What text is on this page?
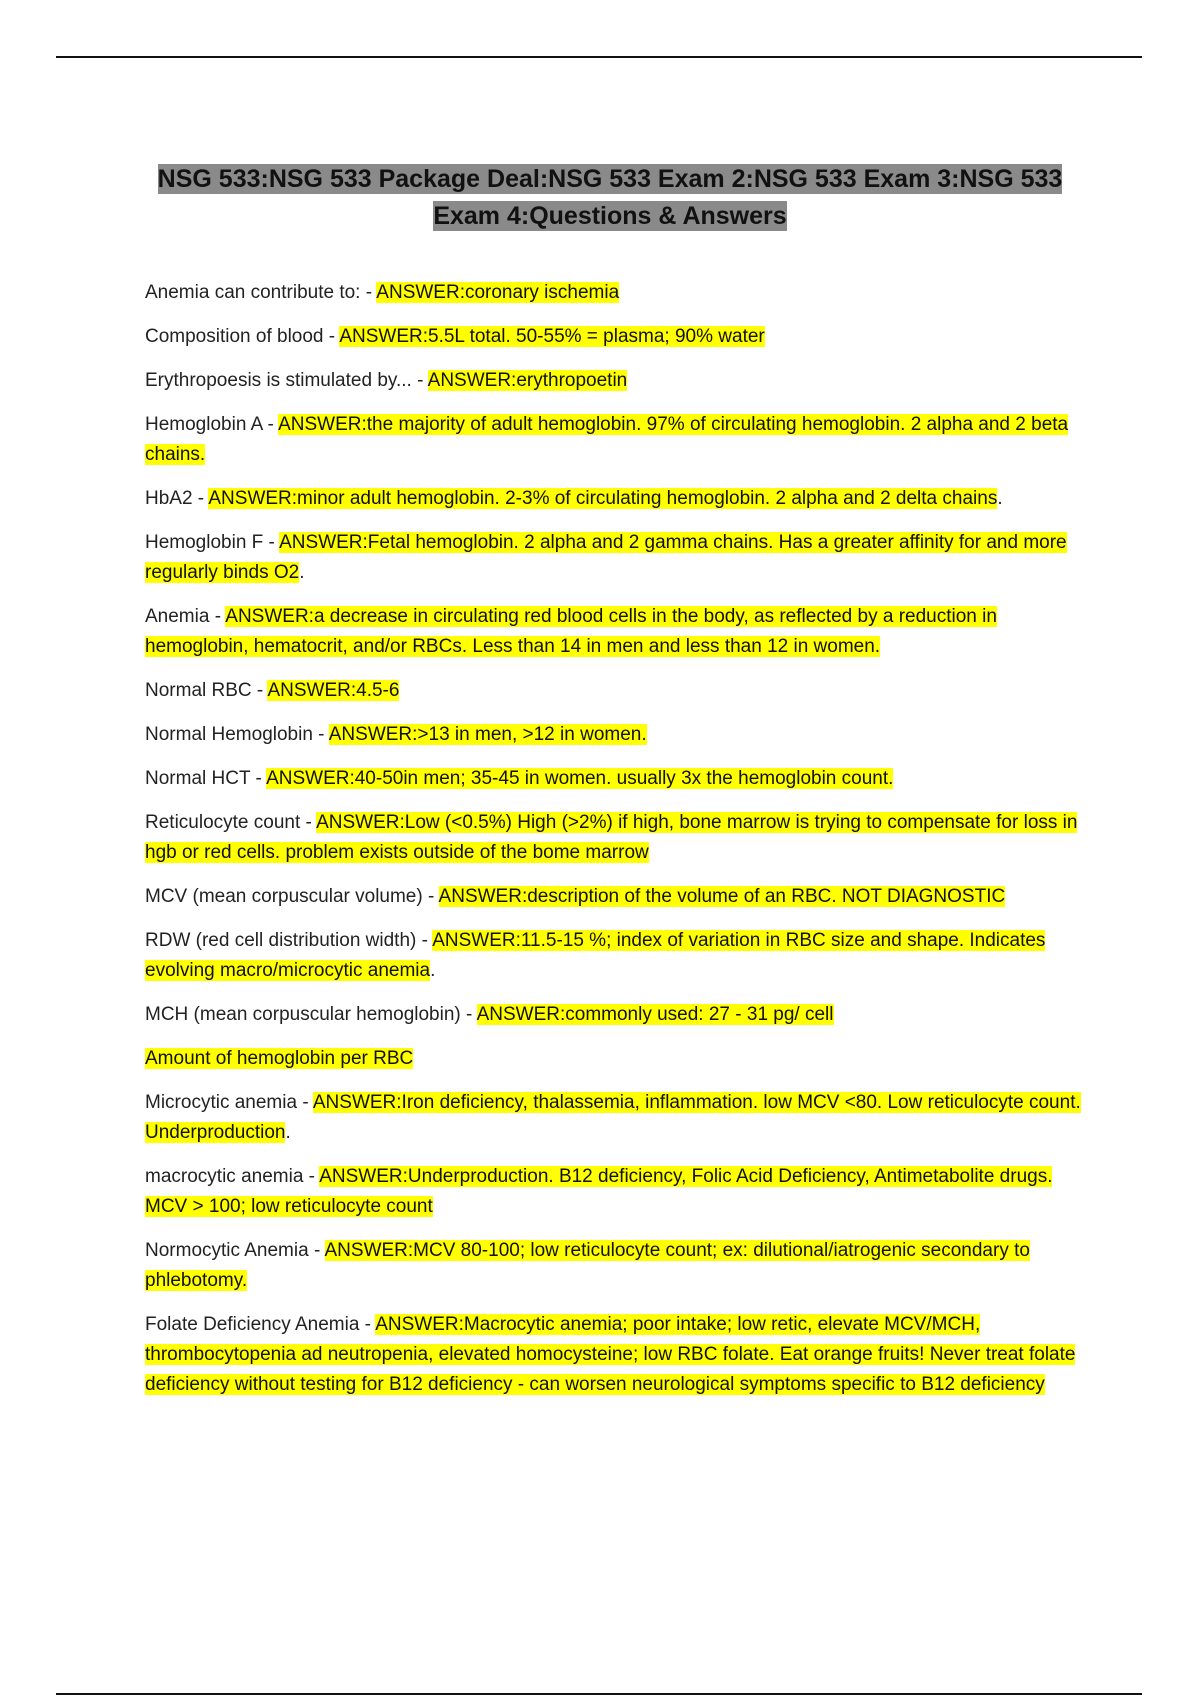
NSG 533:NSG 533 Package Deal:NSG 533 Exam 2:NSG 533 Exam 3:NSG 533 Exam 4:Questions & Answers
Anemia can contribute to: - ANSWER:coronary ischemia
Composition of blood - ANSWER:5.5L total. 50-55% = plasma; 90% water
Erythropoesis is stimulated by... - ANSWER:erythropoetin
Hemoglobin A - ANSWER:the majority of adult hemoglobin. 97% of circulating hemoglobin. 2 alpha and 2 beta chains.
HbA2 - ANSWER:minor adult hemoglobin. 2-3% of circulating hemoglobin. 2 alpha and 2 delta chains.
Hemoglobin F - ANSWER:Fetal hemoglobin. 2 alpha and 2 gamma chains. Has a greater affinity for and more regularly binds O2.
Anemia - ANSWER:a decrease in circulating red blood cells in the body, as reflected by a reduction in hemoglobin, hematocrit, and/or RBCs. Less than 14 in men and less than 12 in women.
Normal RBC - ANSWER:4.5-6
Normal Hemoglobin - ANSWER:>13 in men, >12 in women.
Normal HCT - ANSWER:40-50in men; 35-45 in women. usually 3x the hemoglobin count.
Reticulocyte count - ANSWER:Low (<0.5%) High (>2%) if high, bone marrow is trying to compensate for loss in hgb or red cells. problem exists outside of the bome marrow
MCV (mean corpuscular volume) - ANSWER:description of the volume of an RBC. NOT DIAGNOSTIC
RDW (red cell distribution width) - ANSWER:11.5-15 %; index of variation in RBC size and shape. Indicates evolving macro/microcytic anemia.
MCH (mean corpuscular hemoglobin) - ANSWER:commonly used: 27 - 31 pg/ cell
Amount of hemoglobin per RBC
Microcytic anemia - ANSWER:Iron deficiency, thalassemia, inflammation. low MCV <80. Low reticulocyte count. Underproduction.
macrocytic anemia - ANSWER:Underproduction. B12 deficiency, Folic Acid Deficiency, Antimetabolite drugs. MCV > 100; low reticulocyte count
Normocytic Anemia - ANSWER:MCV 80-100; low reticulocyte count; ex: dilutional/iatrogenic secondary to phlebotomy.
Folate Deficiency Anemia - ANSWER:Macrocytic anemia; poor intake; low retic, elevate MCV/MCH, thrombocytopenia ad neutropenia, elevated homocysteine; low RBC folate. Eat orange fruits! Never treat folate deficiency without testing for B12 deficiency - can worsen neurological symptoms specific to B12 deficiency
